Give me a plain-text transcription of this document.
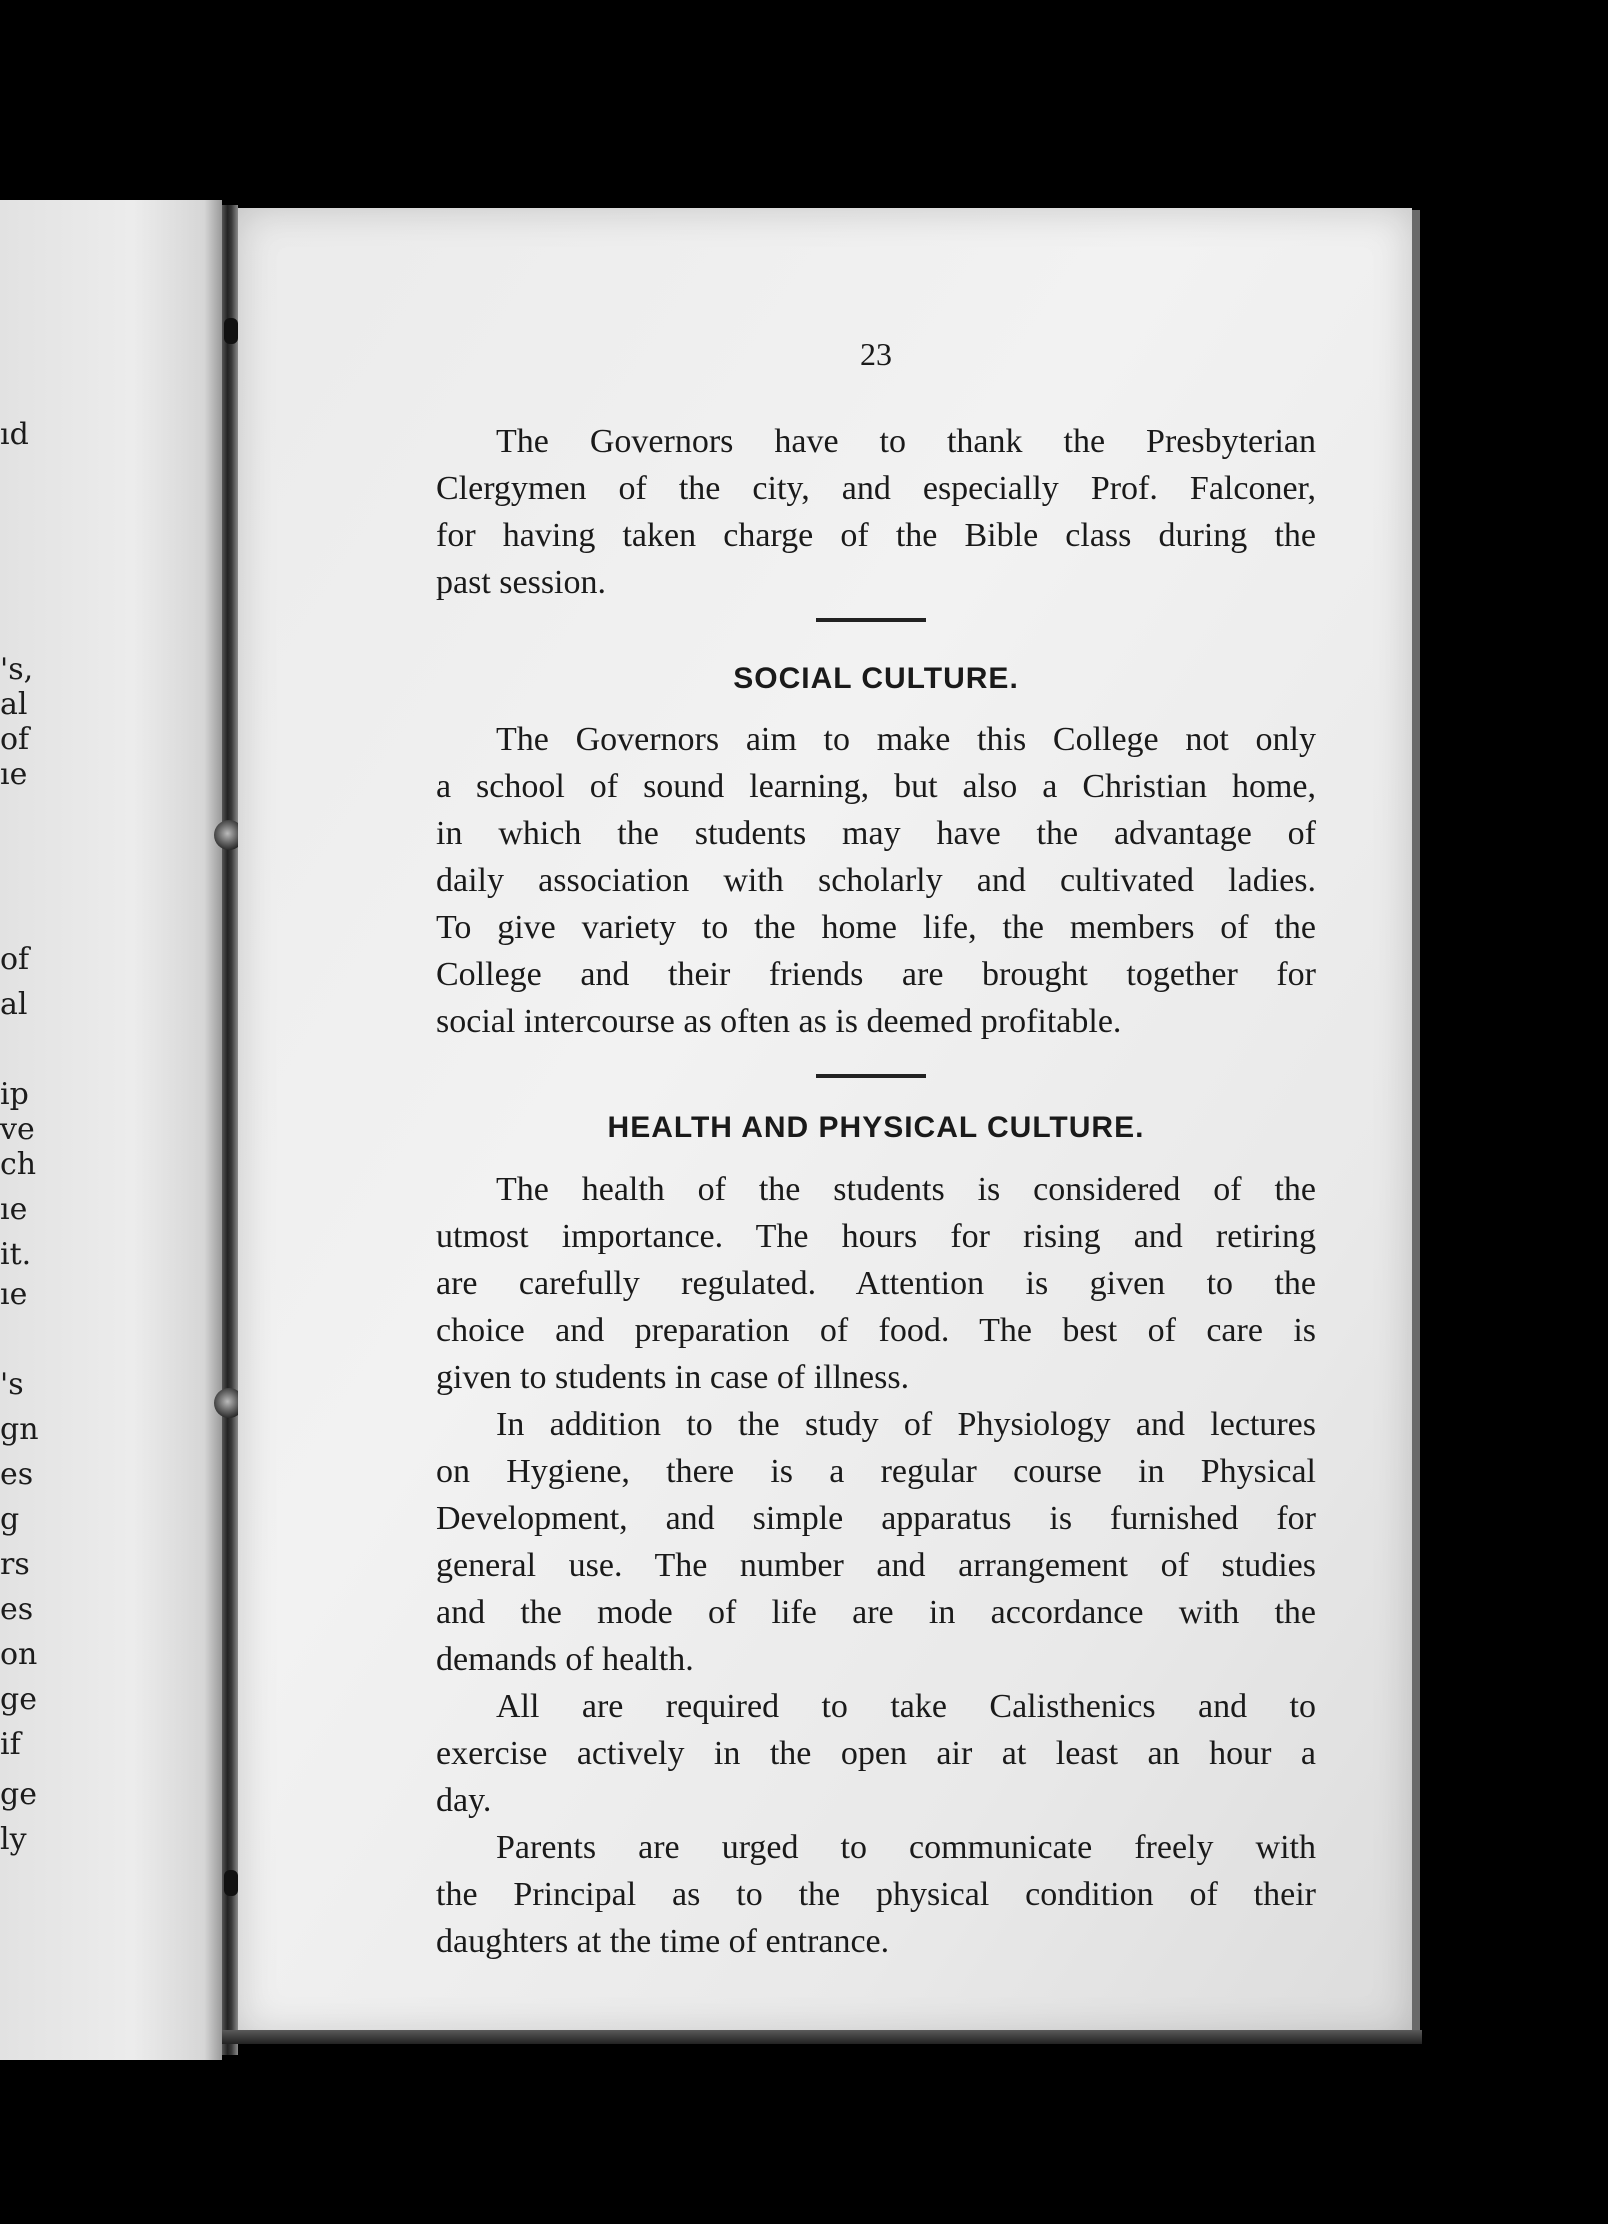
ıd
's,
al
of
ıe
of
al
ip
ve
ch
ıe
it.
ıe
's
gn
es
g
rs
es
on
ge
if
ge
ly
23
The Governors have to thank the Presbyterian
Clergymen of the city, and especially Prof. Falconer,
for having taken charge of the Bible class during the
past session.
SOCIAL CULTURE.
The Governors aim to make this College not only
a school of sound learning, but also a Christian home,
in which the students may have the advantage of
daily association with scholarly and cultivated ladies.
To give variety to the home life, the members of the
College and their friends are brought together for
social intercourse as often as is deemed profitable.
HEALTH AND PHYSICAL CULTURE.
The health of the students is considered of the
utmost importance. The hours for rising and retiring
are carefully regulated. Attention is given to the
choice and preparation of food. The best of care is
given to students in case of illness.
In addition to the study of Physiology and lectures
on Hygiene, there is a regular course in Physical
Development, and simple apparatus is furnished for
general use. The number and arrangement of studies
and the mode of life are in accordance with the
demands of health.
All are required to take Calisthenics and to
exercise actively in the open air at least an hour a
day.
Parents are urged to communicate freely with
the Principal as to the physical condition of their
daughters at the time of entrance.
